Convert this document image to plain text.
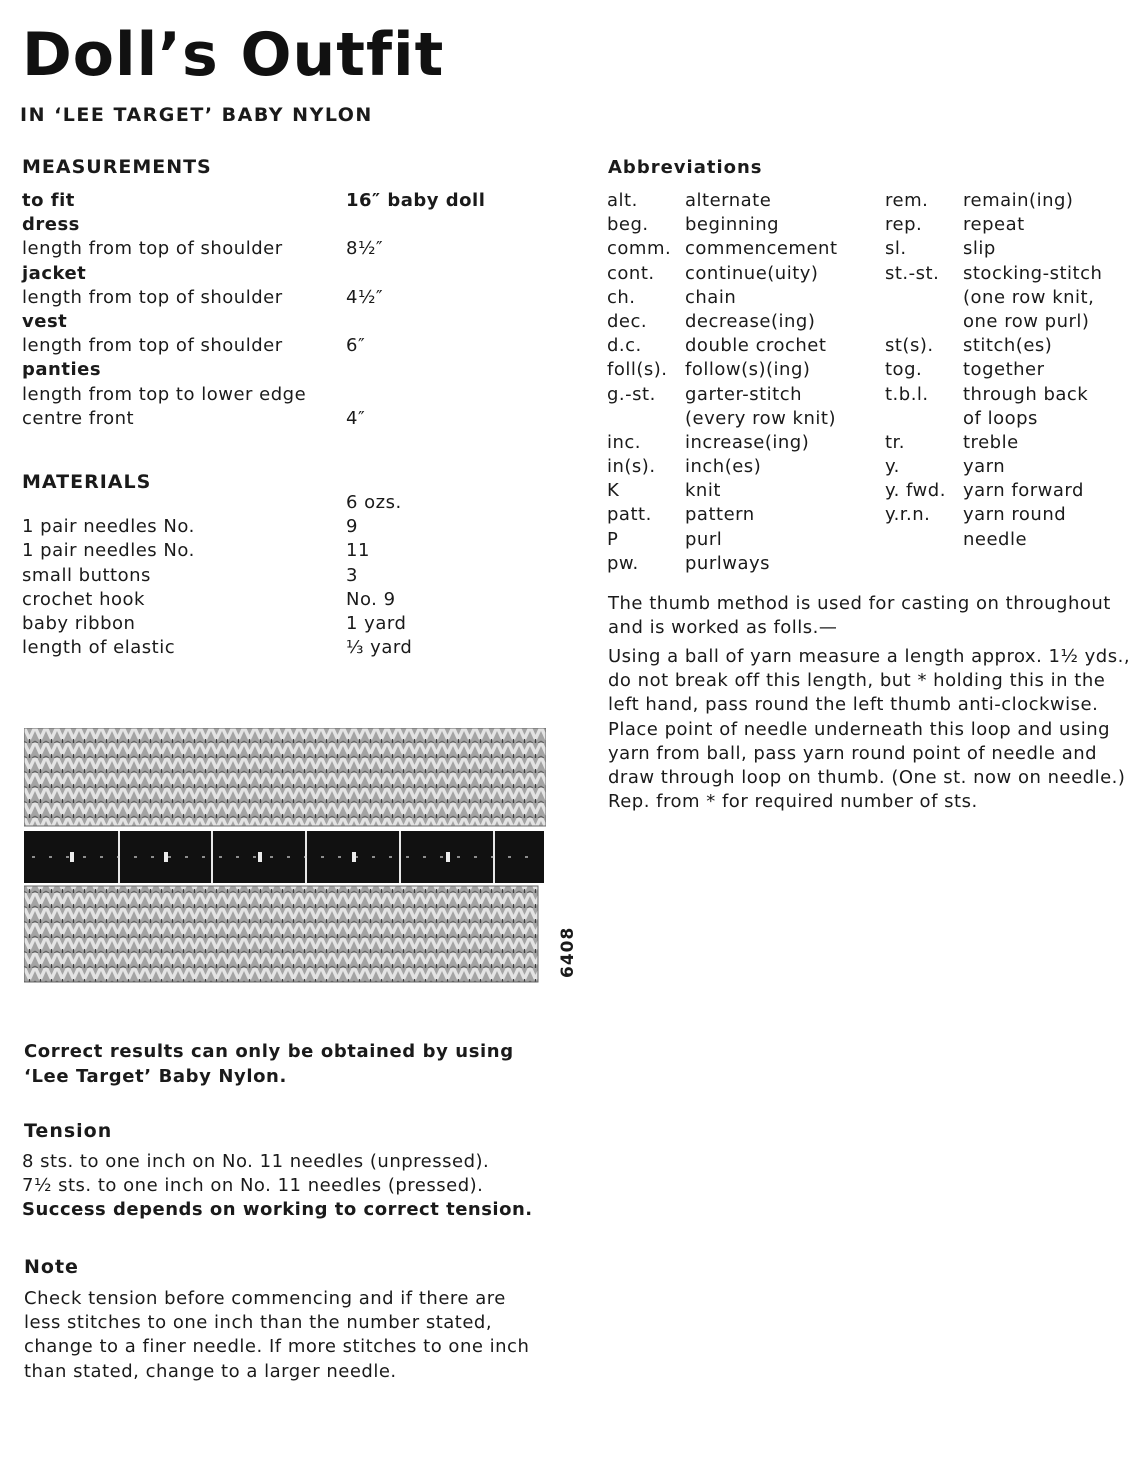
Doll’s Outfit
IN ‘LEE TARGET’ BABY NYLON
MEASUREMENTS
to fit	16″ baby doll
dress
length from top of shoulder	8½″
jacket
length from top of shoulder	4½″
vest
length from top of shoulder	6″
panties
length from top to lower edge
centre front	4″
MATERIALS
6 ozs.
1 pair needles No.	9
1 pair needles No.	11
small buttons	3
crochet hook	No. 9
baby ribbon	1 yard
length of elastic	⅓ yard
6408
Correct results can only be obtained by using
‘Lee Target’ Baby Nylon.
Tension
8 sts. to one inch on No. 11 needles (unpressed).
7½ sts. to one inch on No. 11 needles (pressed).
Success depends on working to correct tension.
Note
Check tension before commencing and if there are
less stitches to one inch than the number stated,
change to a finer needle. If more stitches to one inch
than stated, change to a larger needle.
Abbreviations
alt.	alternate
beg. beginning
comm. commencement
cont. continue(uity)
ch.	chain
dec. decrease(ing)
d.c. double crochet
foll(s). follow(s)(ing)
g.-st. garter-stitch
(every row knit)
inc. increase(ing)
in(s). inch(es)
K	knit
patt. pattern
P	purl
pw.	purlways
rem. remain(ing)
rep. repeat
sl.	slip
st.-st. stocking-stitch
(one row knit,
one row purl)
st(s). stitch(es)
tog. together
t.b.l. through back
of loops
tr.	treble
y.	yarn
y. fwd. yarn forward
y.r.n. yarn round
needle
The thumb method is used for casting on throughout
and is worked as folls.—
Using a ball of yarn measure a length approx. 1½ yds.,
do not break off this length, but * holding this in the
left hand, pass round the left thumb anti-clockwise.
Place point of needle underneath this loop and using
yarn from ball, pass yarn round point of needle and
draw through loop on thumb. (One st. now on needle.)
Rep. from * for required number of sts.
